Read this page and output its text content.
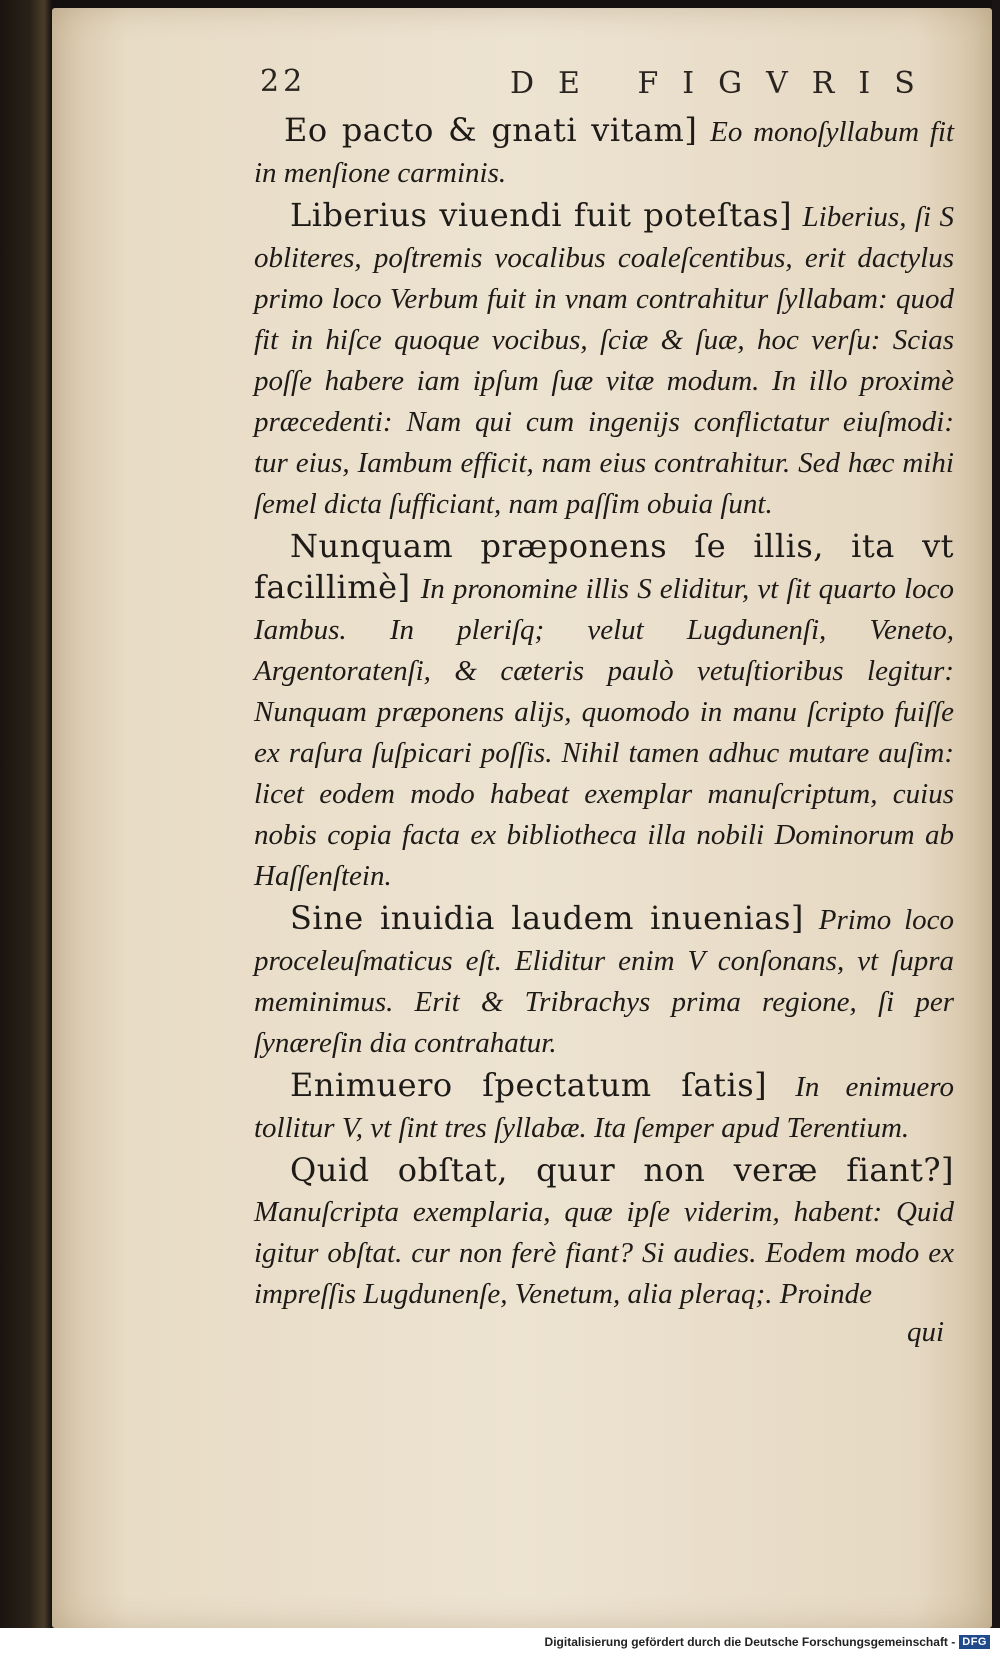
22	DE FIGVRIS

Eo pacto & gnati vitam] Eo monoſyllabum fit in menſione carminis.

Liberius viuendi fuit poteſtas] Liberius, ſi S obliteres, poſtremis vocalibus coaleſcentibus, erit dactylus primo loco Verbum fuit in vnam contrahitur ſyllabam: quod fit in hiſce quoque vocibus, ſciæ & ſuæ, hoc verſu: Scias poſſe habere iam ipſum ſuæ vitæ modum. In illo proximè præcedenti: Nam qui cum ingenijs conflictatur eiuſmodi: tur eius, Iambum efficit, nam eius contrahitur. Sed hæc mihi ſemel dicta ſufficiant, nam paſſim obuia ſunt.

Nunquam præponens ſe illis, ita vt facillimè] In pronomine illis S eliditur, vt ſit quarto loco Iambus. In pleriſq; velut Lugdunenſi, Veneto, Argentoratenſi, & cæteris paulò vetuſtioribus legitur: Nunquam præponens alijs, quomodo in manu ſcripto fuiſſe ex raſura ſuſpicari poſſis. Nihil tamen adhuc mutare auſim: licet eodem modo habeat exemplar manuſcriptum, cuius nobis copia facta ex bibliotheca illa nobili Dominorum ab Haſſenſtein.

Sine inuidia laudem inuenias] Primo loco proceleuſmaticus eſt. Eliditur enim V conſonans, vt ſupra meminimus. Erit & Tribrachys prima regione, ſi per ſynæreſin dia contrahatur.

Enimuero ſpectatum ſatis] In enimuero tollitur V, vt ſint tres ſyllabæ. Ita ſemper apud Terentium.

Quid obſtat, quur non veræ fiant?] Manuſcripta exemplaria, quæ ipſe viderim, habent: Quid igitur obſtat. cur non ferè fiant? Si audies. Eodem modo ex impreſſis Lugdunenſe, Venetum, alia pleraq;. Proinde

qui
Digitalisierung gefördert durch die Deutsche Forschungsgemeinschaft - DFG
